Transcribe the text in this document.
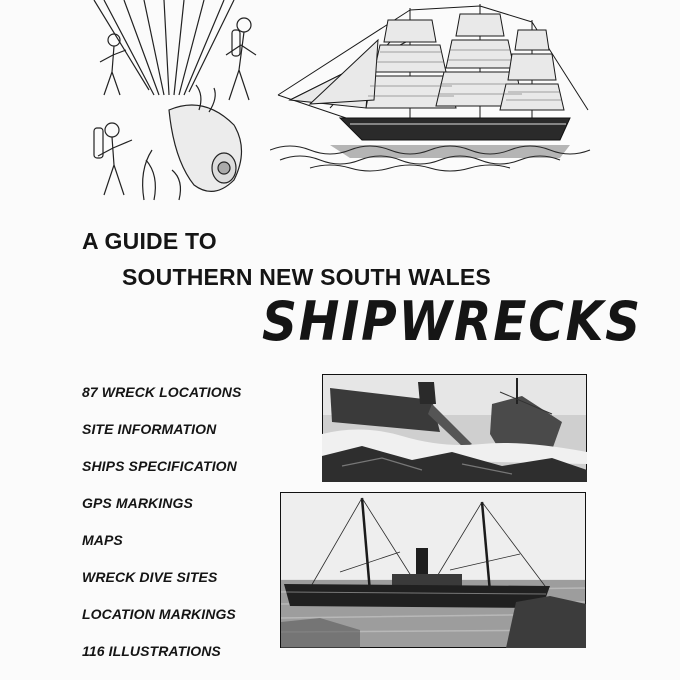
A GUIDE TO
SOUTHERN NEW SOUTH WALES
SHIPWRECKS
87 WRECK LOCATIONS
SITE INFORMATION
SHIPS SPECIFICATION
GPS MARKINGS
MAPS
WRECK DIVE SITES
LOCATION MARKINGS
116 ILLUSTRATIONS
